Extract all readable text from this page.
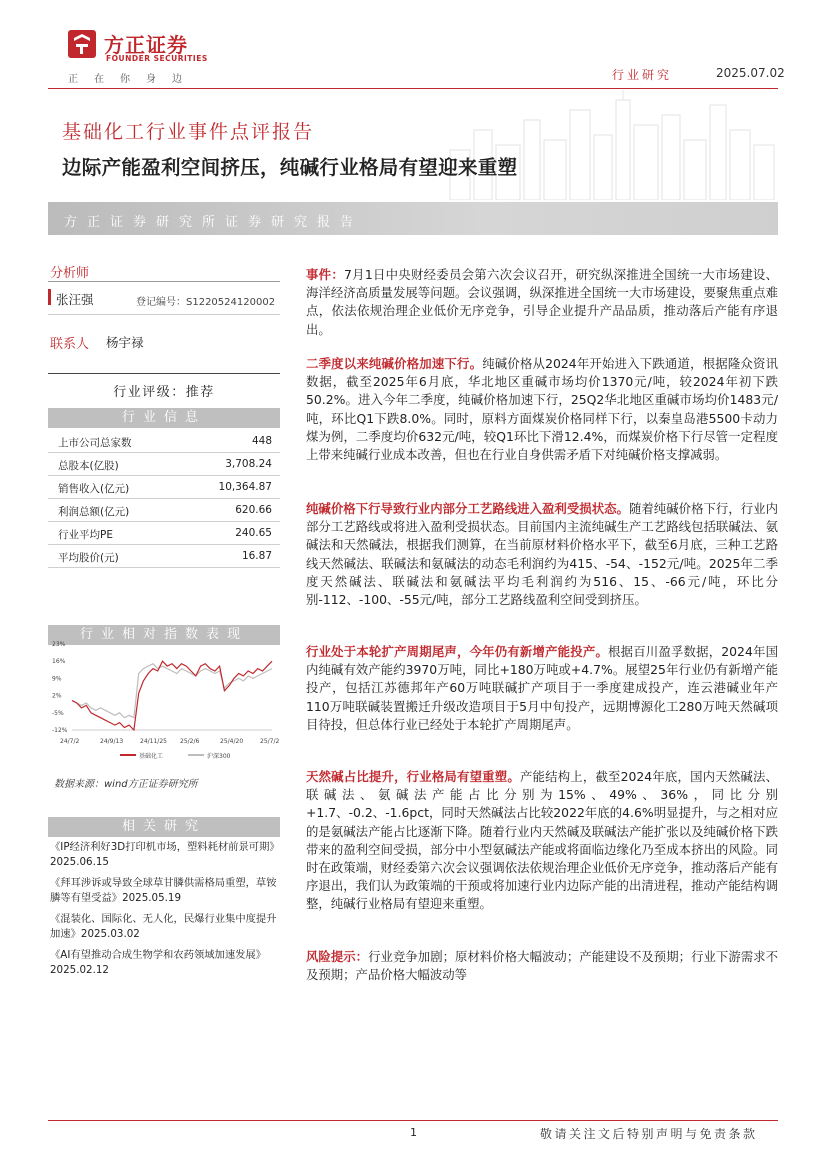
方正证券
FOUNDER SECURITIES
正在你身边	行业研究	2025.07.02
基础化工行业事件点评报告
边际产能盈利空间挤压，纯碱行业格局有望迎来重塑
方正证券研究所证券研究报告
分析师
张汪强	登记编号：S1220524120002
联系人 杨宇禄
行业评级：推荐
行业信息
上市公司总家数	448
总股本(亿股)	3,708.24
销售收入(亿元)	10,364.87
利润总额(亿元)	620.66
行业平均PE	240.65
平均股价(元)	16.87
行业相对指数表现
23%
16%
9%
2%
-5%
-12%
24/7/2	24/9/13	24/11/25 25/2/6	25/4/20	25/7/2
基础化工	沪深300
数据来源：wind方正证券研究所
相关研究
《IP经济利好3D打印机市场，塑料耗材前景可期》2025.06.15
《拜耳涉诉或导致全球草甘膦供需格局重塑，草铵膦等有望受益》2025.05.19
《混装化、国际化、无人化，民爆行业集中度提升加速》2025.03.02
《AI有望推动合成生物学和农药领域加速发展》2025.02.12
事件：7月1日中央财经委员会第六次会议召开，研究纵深推进全国统一大市场建设、海洋经济高质量发展等问题。会议强调，纵深推进全国统一大市场建设，要聚焦重点难点，依法依规治理企业低价无序竞争，引导企业提升产品品质，推动落后产能有序退出。
二季度以来纯碱价格加速下行。纯碱价格从2024年开始进入下跌通道，根据隆众资讯数据，截至2025年6月底，华北地区重碱市场均价1370元/吨，较2024年初下跌50.2%。进入今年二季度，纯碱价格加速下行，25Q2华北地区重碱市场均价1483元/吨，环比Q1下跌8.0%。同时，原料方面煤炭价格同样下行，以秦皇岛港5500卡动力煤为例，二季度均价632元/吨，较Q1环比下滑12.4%，而煤炭价格下行尽管一定程度上带来纯碱行业成本改善，但也在行业自身供需矛盾下对纯碱价格支撑减弱。
纯碱价格下行导致行业内部分工艺路线进入盈利受损状态。随着纯碱价格下行，行业内部分工艺路线或将进入盈利受损状态。目前国内主流纯碱生产工艺路线包括联碱法、氨碱法和天然碱法，根据我们测算，在当前原材料价格水平下，截至6月底，三种工艺路线天然碱法、联碱法和氨碱法的动态毛利润约为415、-54、-152元/吨。2025年二季度天然碱法、联碱法和氨碱法平均毛利润约为516、15、-66元/吨，环比分别-112、-100、-55元/吨，部分工艺路线盈利空间受到挤压。
行业处于本轮扩产周期尾声，今年仍有新增产能投产。根据百川盈孚数据，2024年国内纯碱有效产能约3970万吨，同比+180万吨或+4.7%。展望25年行业仍有新增产能投产，包括江苏德邦年产60万吨联碱扩产项目于一季度建成投产，连云港碱业年产110万吨联碱装置搬迁升级改造项目于5月中旬投产，远期博源化工280万吨天然碱项目待投，但总体行业已经处于本轮扩产周期尾声。
天然碱占比提升，行业格局有望重塑。产能结构上，截至2024年底，国内天然碱法、联碱法、氨碱法产能占比分别为15%、49%、36%，同比分别+1.7、-0.2、-1.6pct，同时天然碱法占比较2022年底的4.6%明显提升，与之相对应的是氨碱法产能占比逐渐下降。随着行业内天然碱及联碱法产能扩张以及纯碱价格下跌带来的盈利空间受损，部分中小型氨碱法产能或将面临边缘化乃至成本挤出的风险。同时在政策端，财经委第六次会议强调依法依规治理企业低价无序竞争，推动落后产能有序退出，我们认为政策端的干预或将加速行业内边际产能的出清进程，推动产能结构调整，纯碱行业格局有望迎来重塑。
风险提示：行业竞争加剧；原材料价格大幅波动；产能建设不及预期；行业下游需求不及预期；产品价格大幅波动等
1	敬请关注文后特别声明与免责条款
